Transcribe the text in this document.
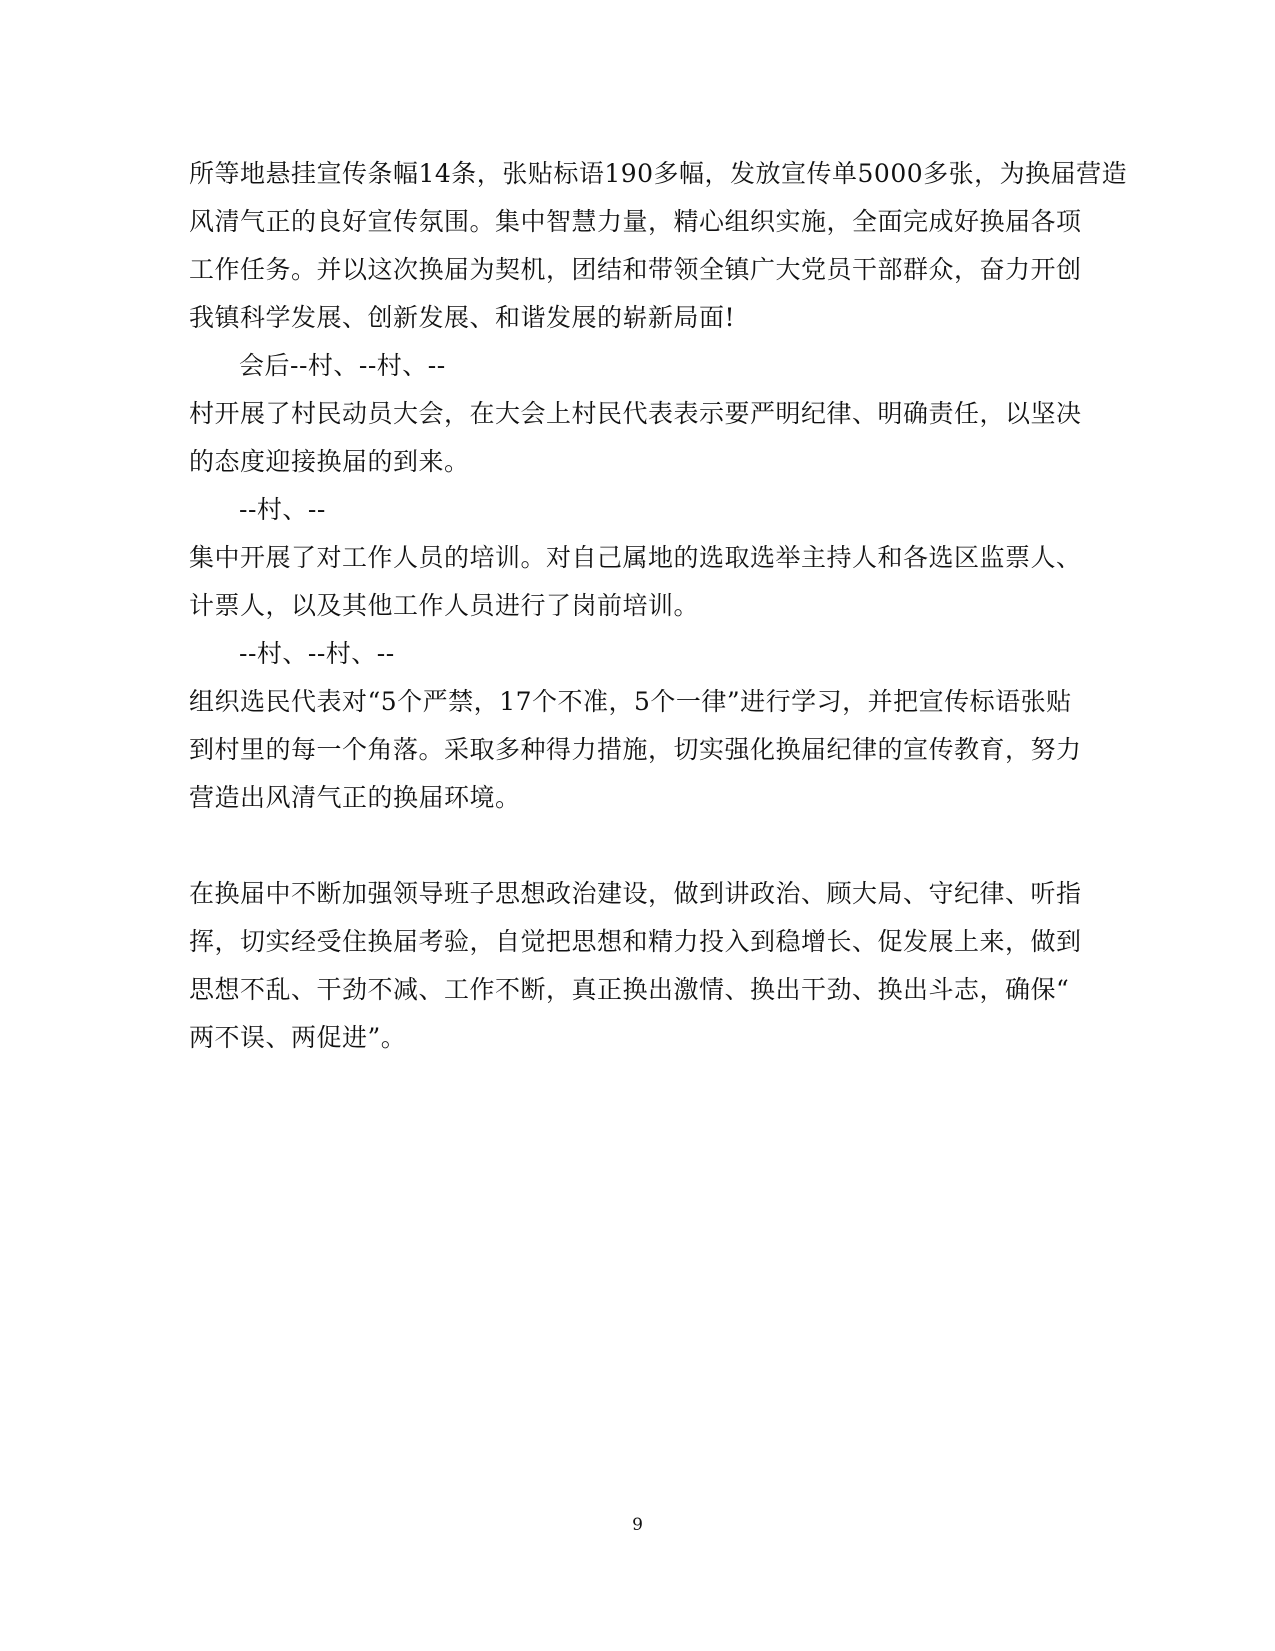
所等地悬挂宣传条幅14条，张贴标语190多幅，发放宣传单5000多张，为换届营造
风清气正的良好宣传氛围。集中智慧力量，精心组织实施，全面完成好换届各项
工作任务。并以这次换届为契机，团结和带领全镇广大党员干部群众，奋力开创
我镇科学发展、创新发展、和谐发展的崭新局面!
会后--村、--村、--
村开展了村民动员大会，在大会上村民代表表示要严明纪律、明确责任，以坚决
的态度迎接换届的到来。
--村、--
集中开展了对工作人员的培训。对自己属地的选取选举主持人和各选区监票人、
计票人，以及其他工作人员进行了岗前培训。
--村、--村、--
组织选民代表对“5个严禁，17个不准，5个一律”进行学习，并把宣传标语张贴
到村里的每一个角落。采取多种得力措施，切实强化换届纪律的宣传教育，努力
营造出风清气正的换届环境。
在换届中不断加强领导班子思想政治建设，做到讲政治、顾大局、守纪律、听指
挥，切实经受住换届考验，自觉把思想和精力投入到稳增长、促发展上来，做到
思想不乱、干劲不减、工作不断，真正换出激情、换出干劲、换出斗志，确保“
两不误、两促进”。
9
